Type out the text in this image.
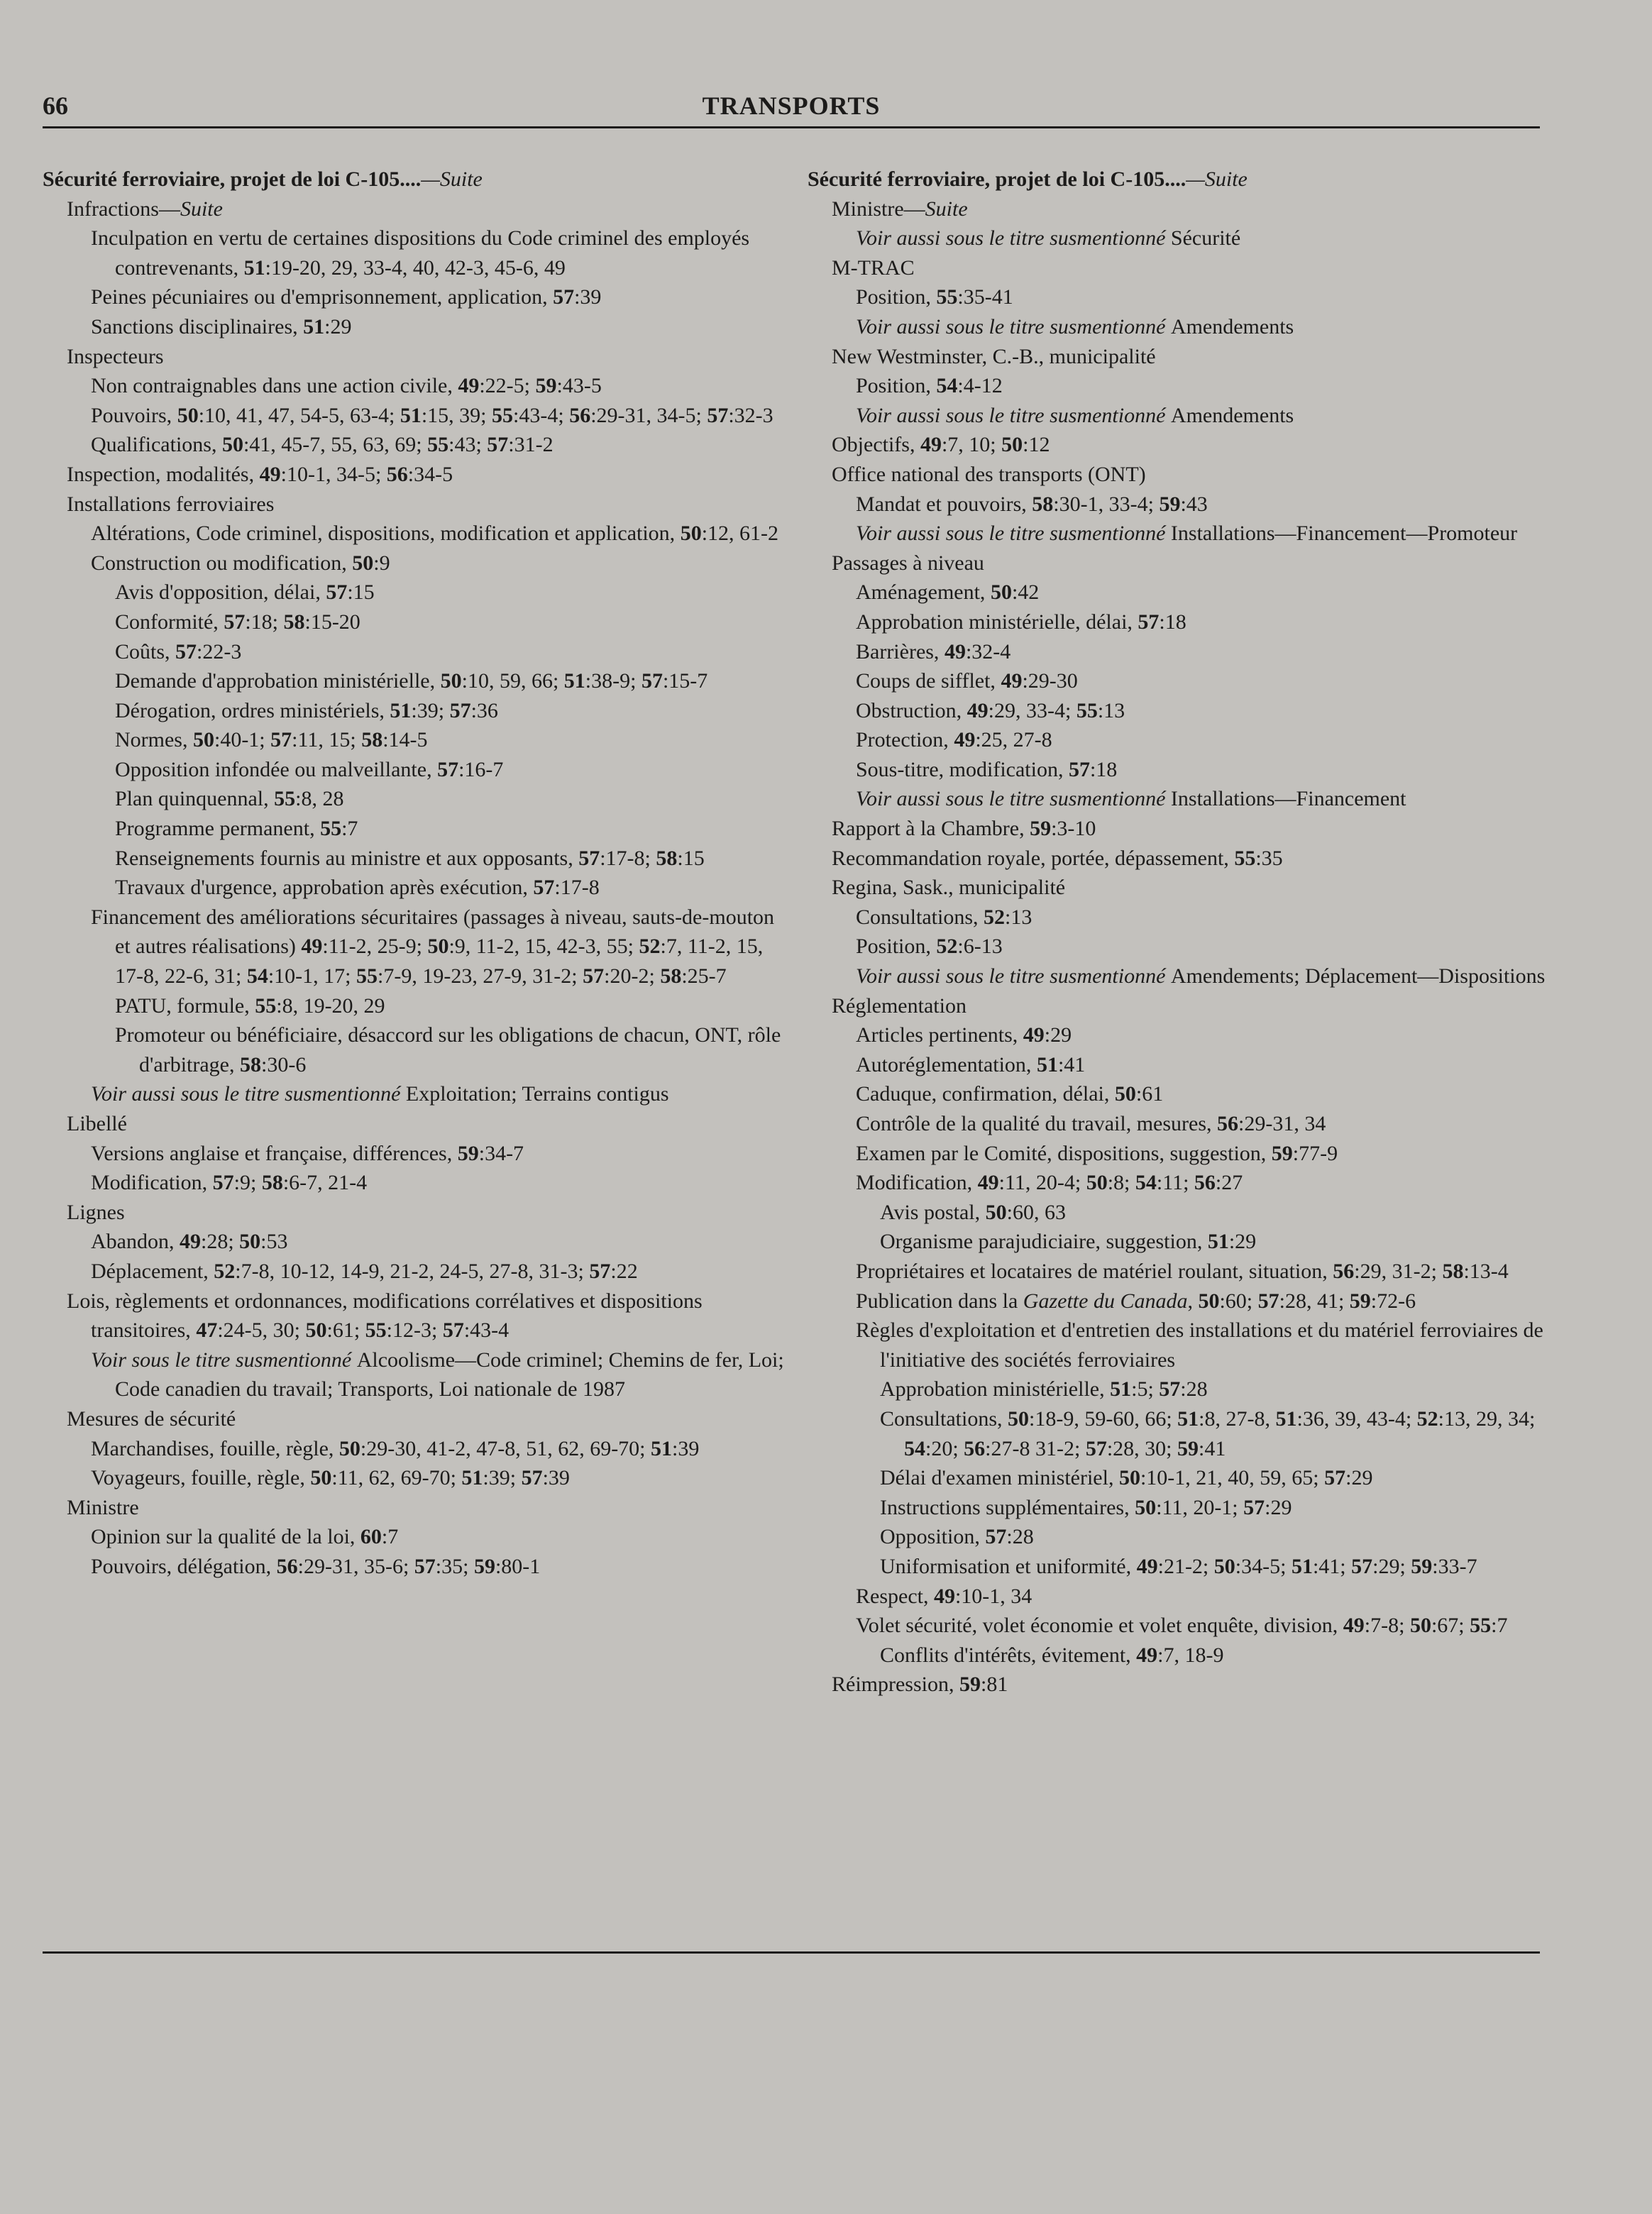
66	TRANSPORTS

Sécurité ferroviaire, projet de loi C-105....—Suite

Infractions—Suite

Inculpation en vertu de certaines dispositions du Code criminel des employés contrevenants, 51:19-20, 29, 33-4, 40, 42-3, 45-6, 49

Peines pécuniaires ou d'emprisonnement, application, 57:39

Sanctions disciplinaires, 51:29

Inspecteurs

Non contraignables dans une action civile, 49:22-5; 59:43-5

Pouvoirs, 50:10, 41, 47, 54-5, 63-4; 51:15, 39; 55:43-4; 56:29-31, 34-5; 57:32-3

Qualifications, 50:41, 45-7, 55, 63, 69; 55:43; 57:31-2

Inspection, modalités, 49:10-1, 34-5; 56:34-5

Installations ferroviaires

Altérations, Code criminel, dispositions, modification et application, 50:12, 61-2

Construction ou modification, 50:9

Avis d'opposition, délai, 57:15

Conformité, 57:18; 58:15-20

Coûts, 57:22-3

Demande d'approbation ministérielle, 50:10, 59, 66; 51:38-9; 57:15-7

Dérogation, ordres ministériels, 51:39; 57:36

Normes, 50:40-1; 57:11, 15; 58:14-5

Opposition infondée ou malveillante, 57:16-7

Plan quinquennal, 55:8, 28

Programme permanent, 55:7

Renseignements fournis au ministre et aux opposants, 57:17-8; 58:15

Travaux d'urgence, approbation après exécution, 57:17-8

Financement des améliorations sécuritaires (passages à niveau, sauts-de-mouton et autres réalisations) 49:11-2, 25-9; 50:9, 11-2, 15, 42-3, 55; 52:7, 11-2, 15, 17-8, 22-6, 31; 54:10-1, 17; 55:7-9, 19-23, 27-9, 31-2; 57:20-2; 58:25-7

PATU, formule, 55:8, 19-20, 29

Promoteur ou bénéficiaire, désaccord sur les obligations de chacun, ONT, rôle d'arbitrage, 58:30-6

Voir aussi sous le titre susmentionné Exploitation; Terrains contigus

Libellé

Versions anglaise et française, différences, 59:34-7

Modification, 57:9; 58:6-7, 21-4

Lignes

Abandon, 49:28; 50:53

Déplacement, 52:7-8, 10-12, 14-9, 21-2, 24-5, 27-8, 31-3; 57:22

Lois, règlements et ordonnances, modifications corrélatives et dispositions transitoires, 47:24-5, 30; 50:61; 55:12-3; 57:43-4

Voir sous le titre susmentionné Alcoolisme—Code criminel; Chemins de fer, Loi; Code canadien du travail; Transports, Loi nationale de 1987

Mesures de sécurité

Marchandises, fouille, règle, 50:29-30, 41-2, 47-8, 51, 62, 69-70; 51:39

Voyageurs, fouille, règle, 50:11, 62, 69-70; 51:39; 57:39

Ministre

Opinion sur la qualité de la loi, 60:7

Pouvoirs, délégation, 56:29-31, 35-6; 57:35; 59:80-1

Sécurité ferroviaire, projet de loi C-105....—Suite

Ministre—Suite

Voir aussi sous le titre susmentionné Sécurité

M-TRAC

Position, 55:35-41

Voir aussi sous le titre susmentionné Amendements

New Westminster, C.-B., municipalité

Position, 54:4-12

Voir aussi sous le titre susmentionné Amendements

Objectifs, 49:7, 10; 50:12

Office national des transports (ONT)

Mandat et pouvoirs, 58:30-1, 33-4; 59:43

Voir aussi sous le titre susmentionné Installations—Financement—Promoteur

Passages à niveau

Aménagement, 50:42

Approbation ministérielle, délai, 57:18

Barrières, 49:32-4

Coups de sifflet, 49:29-30

Obstruction, 49:29, 33-4; 55:13

Protection, 49:25, 27-8

Sous-titre, modification, 57:18

Voir aussi sous le titre susmentionné Installations—Financement

Rapport à la Chambre, 59:3-10

Recommandation royale, portée, dépassement, 55:35

Regina, Sask., municipalité

Consultations, 52:13

Position, 52:6-13

Voir aussi sous le titre susmentionné Amendements; Déplacement—Dispositions

Réglementation

Articles pertinents, 49:29

Autoréglementation, 51:41

Caduque, confirmation, délai, 50:61

Contrôle de la qualité du travail, mesures, 56:29-31, 34

Examen par le Comité, dispositions, suggestion, 59:77-9

Modification, 49:11, 20-4; 50:8; 54:11; 56:27

Avis postal, 50:60, 63

Organisme parajudiciaire, suggestion, 51:29

Propriétaires et locataires de matériel roulant, situation, 56:29, 31-2; 58:13-4

Publication dans la Gazette du Canada, 50:60; 57:28, 41; 59:72-6

Règles d'exploitation et d'entretien des installations et du matériel ferroviaires de l'initiative des sociétés ferroviaires

Approbation ministérielle, 51:5; 57:28

Consultations, 50:18-9, 59-60, 66; 51:8, 27-8, 51:36, 39, 43-4; 52:13, 29, 34; 54:20; 56:27-8 31-2; 57:28, 30; 59:41

Délai d'examen ministériel, 50:10-1, 21, 40, 59, 65; 57:29

Instructions supplémentaires, 50:11, 20-1; 57:29

Opposition, 57:28

Uniformisation et uniformité, 49:21-2; 50:34-5; 51:41; 57:29; 59:33-7

Respect, 49:10-1, 34

Volet sécurité, volet économie et volet enquête, division, 49:7-8; 50:67; 55:7

Conflits d'intérêts, évitement, 49:7, 18-9

Réimpression, 59:81
